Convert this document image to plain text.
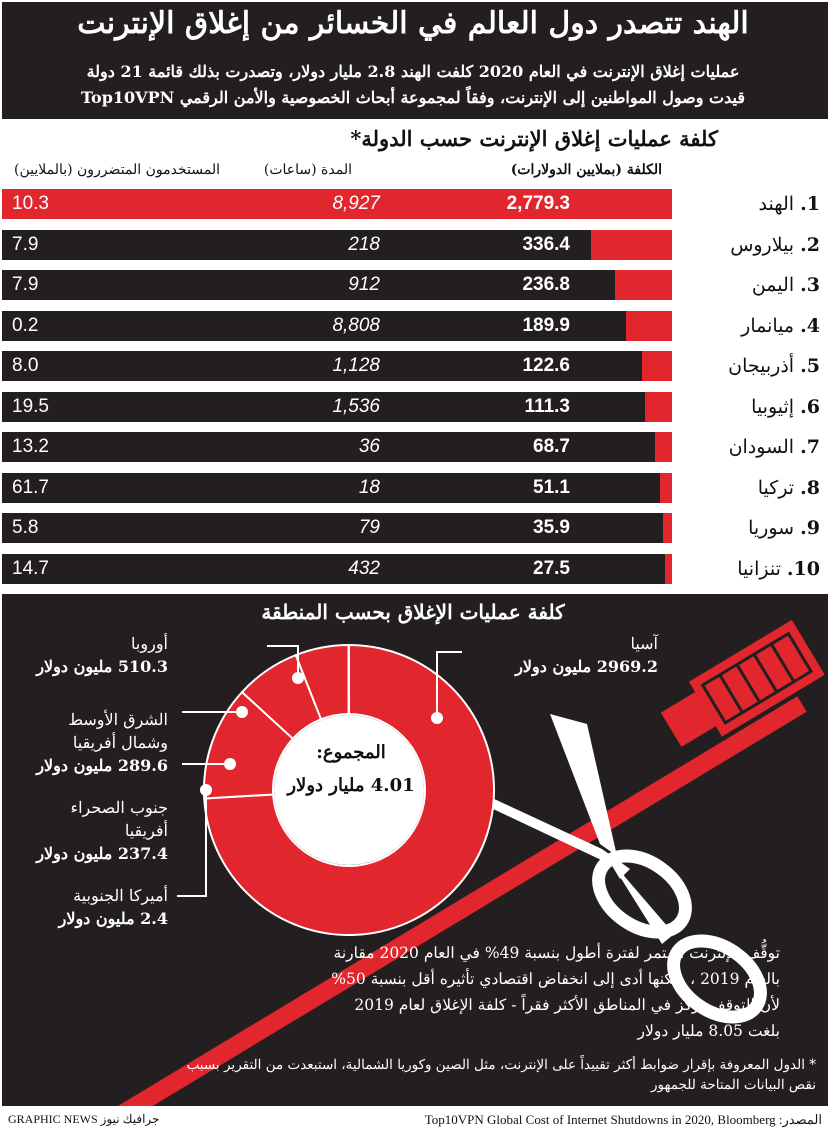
الهند تتصدر دول العالم في الخسائر من إغلاق الإنترنت
عمليات إغلاق الإنترنت في العام 2020 كلفت الهند 2.8 مليار دولار، وتصدرت بذلك قائمة 21 دولة
قيدت وصول المواطنين إلى الإنترنت، وفقاً لمجموعة أبحاث الخصوصية والأمن الرقمي Top10VPN
كلفة عمليات إغلاق الإنترنت حسب الدولة*
الكلفة (بملايين الدولارات)
المدة (ساعات)
المستخدمون المتضررون (بالملايين)
10.3	8,927	2,779.3	1. الهند
7.9	218	336.4	2. بيلاروس
7.9	912	236.8	3. اليمن
0.2	8,808	189.9	4. ميانمار
8.0	1,128	122.6	5. أذربيجان
19.5	1,536	111.3	6. إثيوبيا
13.2	36	68.7	7. السودان
61.7	18	51.1	8. تركيا
5.8	79	35.9	9. سوريا
14.7	432	27.5	10. تنزانيا
كلفة عمليات الإغلاق بحسب المنطقة
المجموع:
4.01 مليار دولار
آسيا
2969.2 مليون دولار
أوروبا
510.3 مليون دولار
الشرق الأوسط
وشمال أفريقيا
289.6 مليون دولار
جنوب الصحراء
أفريقيا
237.4 مليون دولار
أميركا الجنوبية
2.4 مليون دولار
توقُّف الإنترنت استمر لفترة أطول بنسبة 49% في العام 2020 مقارنة
بالعام 2019 ، ولكنها أدى إلى انخفاض اقتصادي تأثيره أقل بنسبة 50%
لأن التوقف تركز في المناطق الأكثر فقراً - كلفة الإغلاق لعام 2019
بلغت 8.05 مليار دولار
* الدول المعروفة بإقرار ضوابط أكثر تقييداً على الإنترنت، مثل الصين وكوريا الشمالية، استبعدت من التقرير بسبب
نقص البيانات المتاحة للجمهور
المصدر: Top10VPN Global Cost of Internet Shutdowns in 2020, Bloomberg
GRAPHIC NEWS جرافيك نيوز
